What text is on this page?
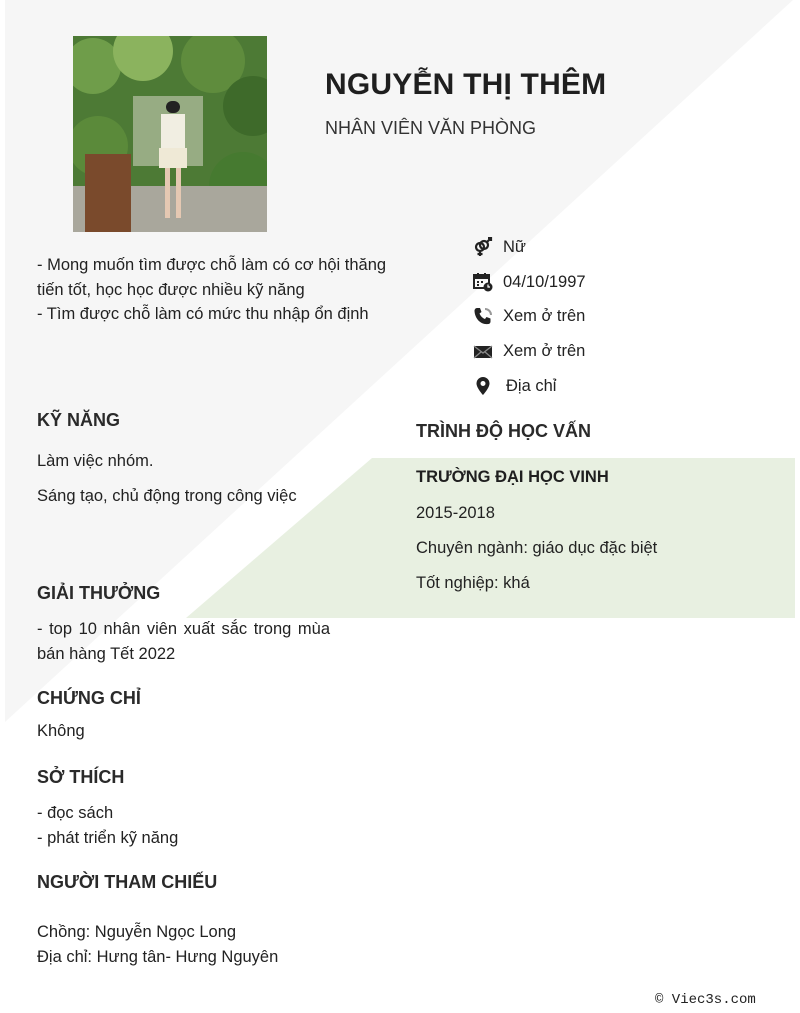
NGUYỄN THỊ THÊM
NHÂN VIÊN VĂN PHÒNG
- Mong muốn tìm được chỗ làm có cơ hội thăng
tiến tốt, học học được nhiều kỹ năng
- Tìm được chỗ làm có mức thu nhập ổn định
Nữ
04/10/1997
Xem ở trên
Xem ở trên
Địa chỉ
KỸ NĂNG
Làm việc nhóm.
Sáng tạo, chủ động trong công việc
GIẢI THƯỞNG
- top 10 nhân viên xuất sắc trong mùa
bán hàng Tết 2022
CHỨNG CHỈ
Không
SỞ THÍCH
- đọc sách
- phát triển kỹ năng
NGƯỜI THAM CHIẾU
Chồng: Nguyễn Ngọc Long
Địa chỉ: Hưng tân- Hưng Nguyên
TRÌNH ĐỘ HỌC VẤN
TRƯỜNG ĐẠI HỌC VINH
2015-2018
Chuyên ngành: giáo dục đặc biệt
Tốt nghiệp: khá
© Viec3s.com
